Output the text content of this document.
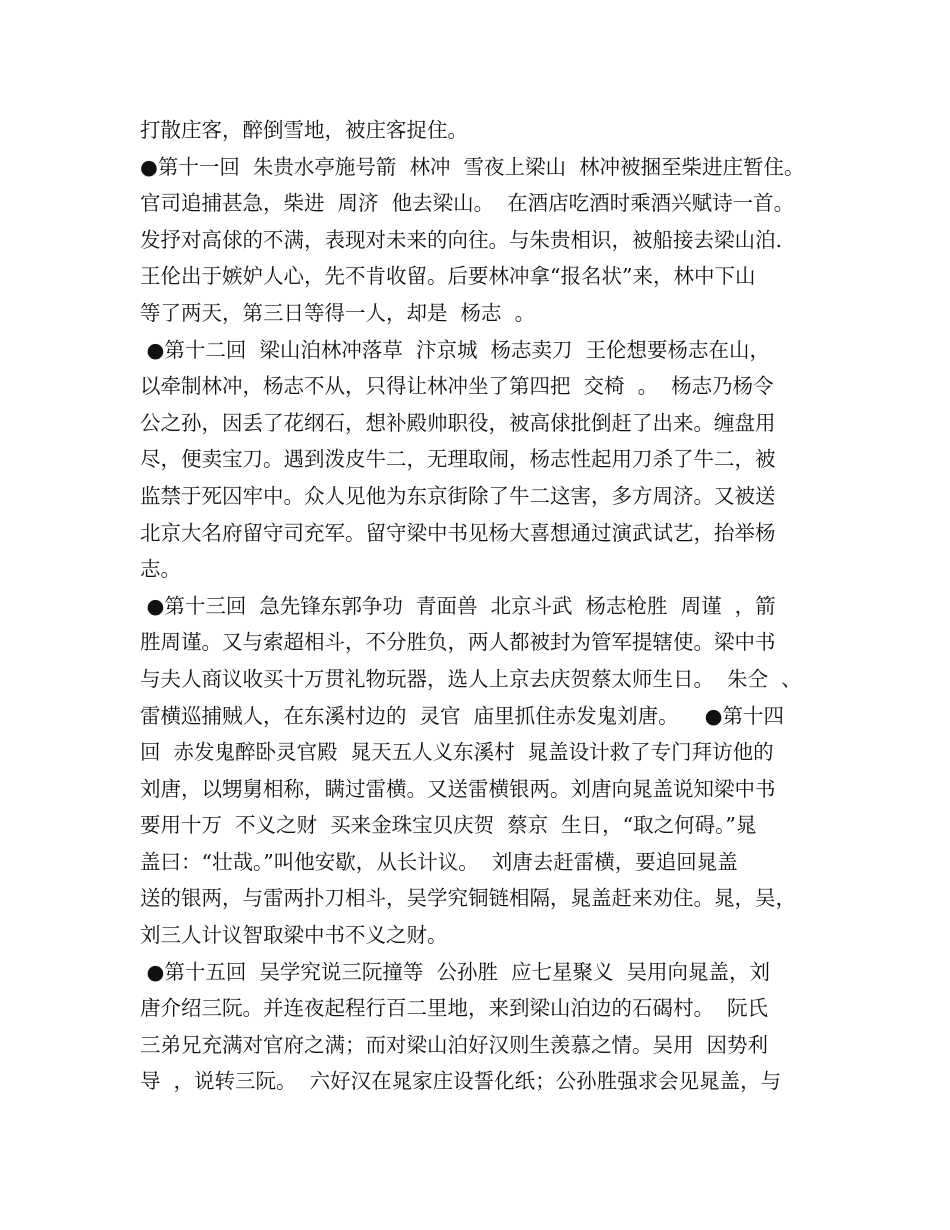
打散庄客，醉倒雪地，被庄客捉住。
●第十一回  朱贵水亭施号箭  林冲  雪夜上梁山  林冲被捆至柴进庄暂住。
官司追捕甚急，柴进  周济  他去梁山。  在酒店吃酒时乘酒兴赋诗一首。
发抒对高俅的不满，表现对未来的向往。与朱贵相识，被船接去梁山泊.
王伦出于嫉妒人心，先不肯收留。后要林冲拿“报名状”来，林中下山
等了两天，第三日等得一人，却是  杨志  。
●第十二回  梁山泊林冲落草  汴京城  杨志卖刀  王伦想要杨志在山，
以牵制林冲，杨志不从，只得让林冲坐了第四把  交椅  。  杨志乃杨令
公之孙，因丢了花纲石，想补殿帅职役，被高俅批倒赶了出来。缠盘用
尽，便卖宝刀。遇到泼皮牛二，无理取闹，杨志性起用刀杀了牛二，被
监禁于死囚牢中。众人见他为东京街除了牛二这害，多方周济。又被送
北京大名府留守司充军。留守梁中书见杨大喜想通过演武试艺，抬举杨
志。
●第十三回  急先锋东郭争功  青面兽  北京斗武  杨志枪胜  周谨  ，箭
胜周谨。又与索超相斗，不分胜负，两人都被封为管军提辖使。梁中书
与夫人商议收买十万贯礼物玩器，选人上京去庆贺蔡太师生日。  朱仝  、
雷横巡捕贼人，在东溪村边的  灵官  庙里抓住赤发鬼刘唐。    ●第十四
回  赤发鬼醉卧灵官殿  晁天五人义东溪村  晁盖设计救了专门拜访他的
刘唐，以甥舅相称，瞒过雷横。又送雷横银两。刘唐向晁盖说知梁中书
要用十万  不义之财  买来金珠宝贝庆贺  蔡京  生日，“取之何碍。”晁
盖曰：“壮哉。”叫他安歇，从长计议。  刘唐去赶雷横，要追回晁盖
送的银两，与雷两扑刀相斗，吴学究铜链相隔，晁盖赶来劝住。晁，吴，
刘三人计议智取梁中书不义之财。
●第十五回  吴学究说三阮撞等  公孙胜  应七星聚义  吴用向晁盖，刘
唐介绍三阮。并连夜起程行百二里地，来到梁山泊边的石碣村。  阮氏
三弟兄充满对官府之满；而对梁山泊好汉则生羡慕之情。吴用  因势利
导  ，说转三阮。  六好汉在晁家庄设誓化纸；公孙胜强求会见晁盖，与
